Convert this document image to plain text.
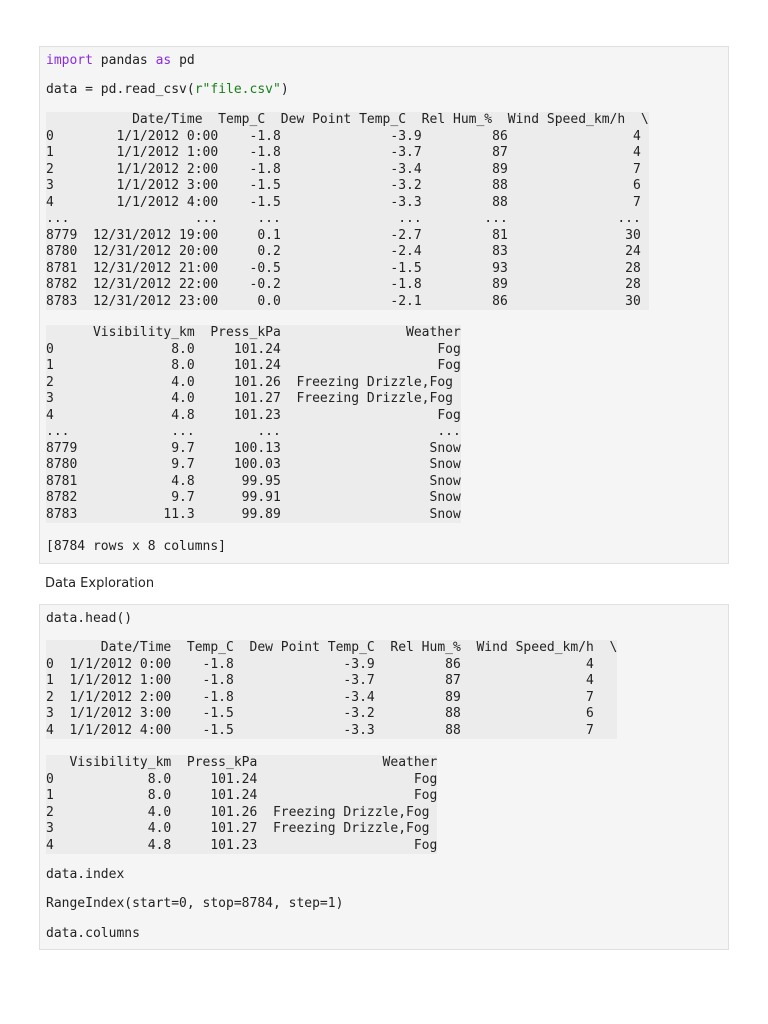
import pandas as pd
data = pd.read_csv(r"file.csv")
Date/Time  Temp_C  Dew Point Temp_C  Rel Hum_%  Wind Speed_km/h  \
0        1/1/2012 0:00    -1.8              -3.9         86                4
1        1/1/2012 1:00    -1.8              -3.7         87                4
2        1/1/2012 2:00    -1.8              -3.4         89                7
3        1/1/2012 3:00    -1.5              -3.2         88                6
4        1/1/2012 4:00    -1.5              -3.3         88                7
...                ...     ...               ...        ...              ...
8779  12/31/2012 19:00     0.1              -2.7         81               30
8780  12/31/2012 20:00     0.2              -2.4         83               24
8781  12/31/2012 21:00    -0.5              -1.5         93               28
8782  12/31/2012 22:00    -0.2              -1.8         89               28
8783  12/31/2012 23:00     0.0              -2.1         86               30
Visibility_km  Press_kPa                Weather
0               8.0     101.24                    Fog
1               8.0     101.24                    Fog
2               4.0     101.26  Freezing Drizzle,Fog
3               4.0     101.27  Freezing Drizzle,Fog
4               4.8     101.23                    Fog
...             ...        ...                    ...
8779            9.7     100.13                   Snow
8780            9.7     100.03                   Snow
8781            4.8      99.95                   Snow
8782            9.7      99.91                   Snow
8783           11.3      99.89                   Snow
[8784 rows x 8 columns]
Data Exploration
data.head()
Date/Time  Temp_C  Dew Point Temp_C  Rel Hum_%  Wind Speed_km/h  \
0  1/1/2012 0:00    -1.8              -3.9         86                4
1  1/1/2012 1:00    -1.8              -3.7         87                4
2  1/1/2012 2:00    -1.8              -3.4         89                7
3  1/1/2012 3:00    -1.5              -3.2         88                6
4  1/1/2012 4:00    -1.5              -3.3         88                7
Visibility_km  Press_kPa                Weather
0            8.0     101.24                    Fog
1            8.0     101.24                    Fog
2            4.0     101.26  Freezing Drizzle,Fog
3            4.0     101.27  Freezing Drizzle,Fog
4            4.8     101.23                    Fog
data.index
RangeIndex(start=0, stop=8784, step=1)
data.columns
